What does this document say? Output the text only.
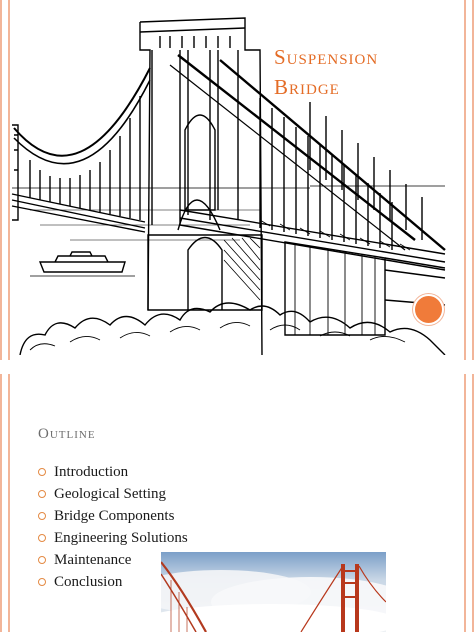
Suspension
Bridge
Outline
Introduction
Geological Setting
Bridge Components
Engineering Solutions
Maintenance
Conclusion
